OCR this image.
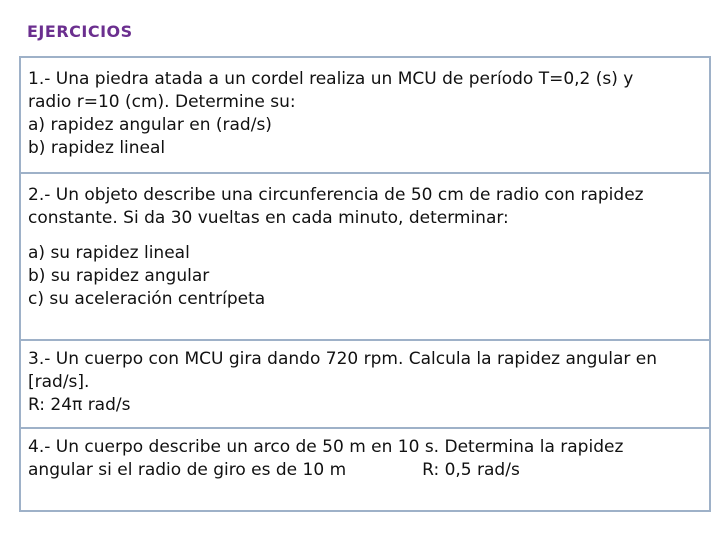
EJERCICIOS
1.- Una piedra atada a un cordel realiza un MCU de período T=0,2 (s) y
radio r=10 (cm). Determine su:
a) rapidez angular en (rad/s)
b) rapidez lineal
2.- Un objeto describe una circunferencia de 50 cm de radio con rapidez
constante. Si da 30 vueltas en cada minuto, determinar:
a) su rapidez lineal
b) su rapidez angular
c) su aceleración centrípeta
3.- Un cuerpo con MCU gira dando 720 rpm. Calcula la rapidez angular en
[rad/s].
R: 24π rad/s
4.- Un cuerpo describe un arco de 50 m en 10 s. Determina la rapidez
angular si el radio de giro es de 10 m	R: 0,5 rad/s
